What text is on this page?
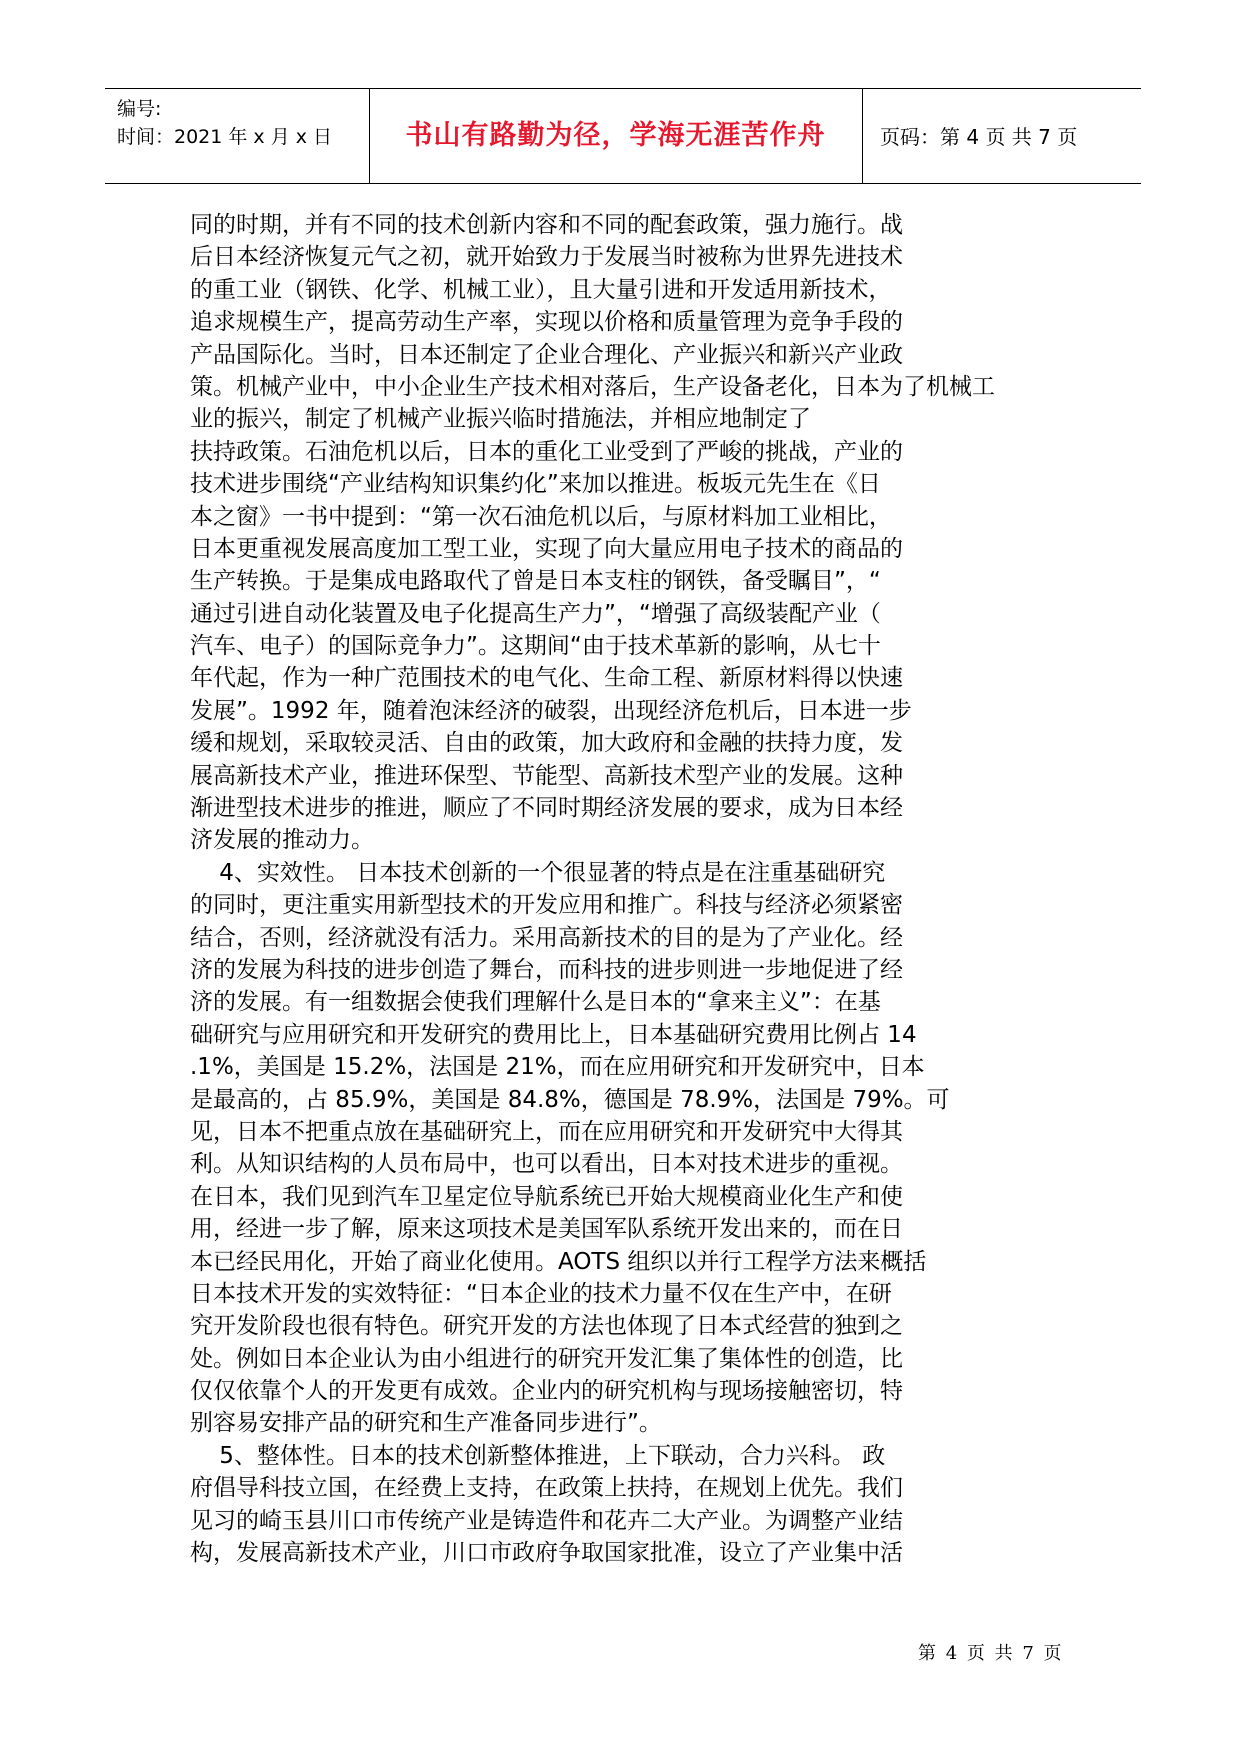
编号:
时间：2021 年 x 月 x 日	书山有路勤为径，学海无涯苦作舟	页码：第 4 页 共 7 页
同的时期，并有不同的技术创新内容和不同的配套政策，强力施行。战
后日本经济恢复元气之初，就开始致力于发展当时被称为世界先进技术
的重工业（钢铁、化学、机械工业），且大量引进和开发适用新技术，
追求规模生产，提高劳动生产率，实现以价格和质量管理为竞争手段的
产品国际化。当时，日本还制定了企业合理化、产业振兴和新兴产业政
策。机械产业中，中小企业生产技术相对落后，生产设备老化，日本为了机械工
业的振兴，制定了机械产业振兴临时措施法，并相应地制定了
扶持政策。石油危机以后，日本的重化工业受到了严峻的挑战，产业的
技术进步围绕“产业结构知识集约化”来加以推进。板坂元先生在《日
本之窗》一书中提到：“第一次石油危机以后，与原材料加工业相比，
日本更重视发展高度加工型工业，实现了向大量应用电子技术的商品的
生产转换。于是集成电路取代了曾是日本支柱的钢铁，备受瞩目”，“
通过引进自动化装置及电子化提高生产力”，“增强了高级装配产业（
汽车、电子）的国际竞争力”。这期间“由于技术革新的影响，从七十
年代起，作为一种广范围技术的电气化、生命工程、新原材料得以快速
发展”。1992 年，随着泡沫经济的破裂，出现经济危机后，日本进一步
缓和规划，采取较灵活、自由的政策，加大政府和金融的扶持力度，发
展高新技术产业，推进环保型、节能型、高新技术型产业的发展。这种
渐进型技术进步的推进，顺应了不同时期经济发展的要求，成为日本经
济发展的推动力。
4、实效性。 日本技术创新的一个很显著的特点是在注重基础研究
的同时，更注重实用新型技术的开发应用和推广。科技与经济必须紧密
结合，否则，经济就没有活力。采用高新技术的目的是为了产业化。经
济的发展为科技的进步创造了舞台，而科技的进步则进一步地促进了经
济的发展。有一组数据会使我们理解什么是日本的“拿来主义”：在基
础研究与应用研究和开发研究的费用比上，日本基础研究费用比例占 14
.1%，美国是 15.2%，法国是 21%，而在应用研究和开发研究中，日本
是最高的，占 85.9%，美国是 84.8%，德国是 78.9%，法国是 79%。可
见，日本不把重点放在基础研究上，而在应用研究和开发研究中大得其
利。从知识结构的人员布局中，也可以看出，日本对技术进步的重视。
在日本，我们见到汽车卫星定位导航系统已开始大规模商业化生产和使
用，经进一步了解，原来这项技术是美国军队系统开发出来的，而在日
本已经民用化，开始了商业化使用。AOTS 组织以并行工程学方法来概括
日本技术开发的实效特征：“日本企业的技术力量不仅在生产中，在研
究开发阶段也很有特色。研究开发的方法也体现了日本式经营的独到之
处。例如日本企业认为由小组进行的研究开发汇集了集体性的创造，比
仅仅依靠个人的开发更有成效。企业内的研究机构与现场接触密切，特
别容易安排产品的研究和生产准备同步进行”。
5、整体性。日本的技术创新整体推进，上下联动，合力兴科。 政
府倡导科技立国，在经费上支持，在政策上扶持，在规划上优先。我们
见习的崎玉县川口市传统产业是铸造件和花卉二大产业。为调整产业结
构，发展高新技术产业，川口市政府争取国家批准，设立了产业集中活
第 4 页 共 7 页
